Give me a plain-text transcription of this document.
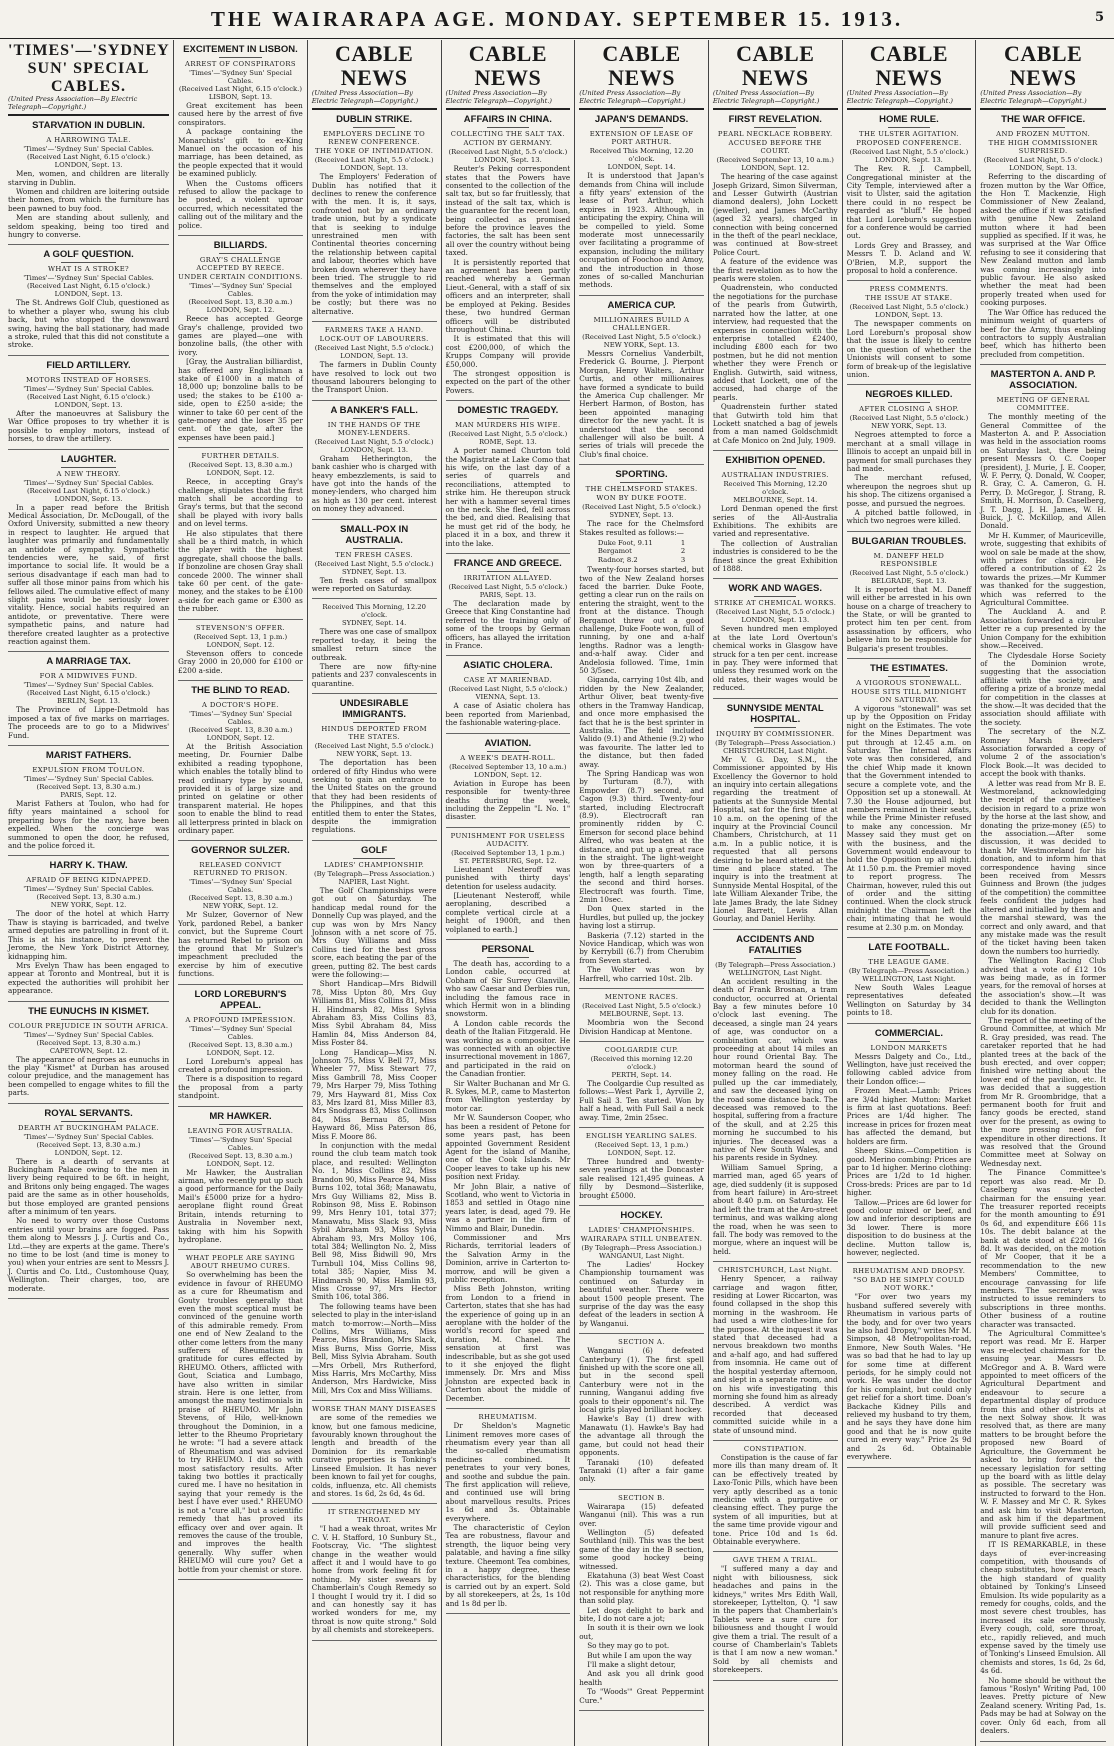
THE WAIRARAPA AGE. MONDAY. SEPTEMBER 15. 1913.	5
'TIMES'—'SYDNEY SUN' SPECIAL CABLES.
(United Press Association—By Electric Telegraph—Copyright.)
STARVATION IN DUBLIN.
A HARROWING TALE.
'Times'—'Sydney Sun' Special Cables.
(Received Last Night, 6.15 o'clock.)
LONDON, Sept. 13.

Men, women, and children are literally starving in Dublin.

Women and children are loitering outside their homes, from which the furniture has been pawned to buy food.

Men are standing about sullenly, and seldom speaking, being too tired and hungry to converse.

A GOLF QUESTION.
WHAT IS A STROKE?
'Times'—'Sydney Sun' Special Cables.
(Received Last Night, 6.15 o'clock.)
LONDON, Sept. 13.

The St. Andrews Golf Club, questioned as to whether a player who, swung his club back, but who stopped the downward swing, having the ball stationary, had made a stroke, ruled that this did not constitute a stroke.

FIELD ARTILLERY.
MOTORS INSTEAD OF HORSES.
'Times'—'Sydney Sun' Special Cables.
(Received Last Night, 6.15 o'clock.)
LONDON, Sept. 13.

After the manoeuvres at Salisbury the War Office proposes to try whether it is possible to employ motors, instead of horses, to draw the artillery.

LAUGHTER.
A NEW THEORY.
'Times'—'Sydney Sun' Special Cables.
(Received Last Night, 6.15 o'clock.)
LONDON, Sept. 13.

In a paper read before the British Medical Association, Dr. McDougall, of the Oxford University, submitted a new theory in respect to laughter. He argued that laughter was primarily and fundamentally an antidote of sympathy. Sympathetic tendencies were, he said, of first importance to social life. It would be a serious disadvantage if each man had to suffer all those minor pains from which his fellows ailed. The cumulative effect of many slight pains would be seriously lower vitality. Hence, social habits required an antidote, or preventative. There were sympathetic pains, and nature had therefore created laughter as a protective reaction against them.

A MARRIAGE TAX.
FOR A MIDWIVES FUND.
'Times'—'Sydney Sun' Special Cables.
(Received Last Night, 6.15 o'clock.)
BERLIN, Sept. 13.

The Province of Lippe-Detmold has imposed a tax of five marks on marriages. The proceeds are to go to a Midwives' Fund.

MARIST FATHERS.
EXPULSION FROM TOULON.
'Times'—'Sydney Sun' Special Cables.
(Received Sept. 13, 8.30 a.m.)
PARIS, Sept. 12.

Marist Fathers at Toulon, who had for fifty years maintained a school for preparing boys for the navy, have been expelled. When the concierge was summoned to open the door, he refused, and the police forced it.

HARRY K. THAW.
AFRAID OF BEING KIDNAPPED.
'Times'—'Sydney Sun' Special Cables.
(Received Sept. 13, 8.30 a.m.)
NEW YORK, Sept. 12.

The door of the hotel at which Harry Thaw is staying is barricaded, and twelve armed deputies are patrolling in front of it. This is at his instance, to prevent the Jerome, the New York District Attorney, kidnapping him.

Mrs Evelyn Thaw has been engaged to appear at Toronto and Montreal, but it is expected the authorities will prohibit her appearance.

THE EUNUCHS IN KISMET.
COLOUR PREJUDICE IN SOUTH AFRICA.
'Times'—'Sydney Sun' Special Cables.
(Received Sept. 13, 8.30 a.m.)
CAPETOWN, Sept. 12.

The appearance of negroes as eunuchs in the play "Kismet" at Durban has aroused colour prejudice, and the management has been compelled to engage whites to fill the parts.

ROYAL SERVANTS.
DEARTH AT BUCKINGHAM PALACE.
'Times'—'Sydney Sun' Special Cables.
(Received Sept. 13, 8.30 a.m.)
LONDON, Sept. 12.

There is a dearth of servants at Buckingham Palace owing to the men in livery being required to be 6ft. in height, and Britons only being engaged. The wages paid are the same as in other households, but those employed are granted pensions after a minimum of ten years.

No need to worry over those Customs entries until your brains are fogged. Pass them along to Messrs J. J. Curtis and Co., Ltd.—they are experts at the game. There's no time to be lost (and time is money to you) when your entries are sent to Messrs J. J. Curtis and Co. Ltd., Customhouse Quay, Wellington. Their charges, too, are moderate.

EXCITEMENT IN LISBON.
ARREST OF CONSPIRATORS
'Times'—'Sydney Sun' Special Cables.
(Received Last Night, 6.15 o'clock.)
LISBON, Sept. 13.

Great excitement has been caused here by the arrest of five conspirators.

A package containing the Monarchists' gift to ex-King Manuel on the occasion of his marriage, has been detained, as the people expected that it would be examined publicly.

When the Customs officers refused to allow the package to be posted, a violent uproar occurred, which necessitated the calling out of the military and the police.

BILLIARDS.
GRAY'S CHALLENGE ACCEPTED BY REECE.
UNDER CERTAIN CONDITIONS.
'Times'—'Sydney Sun' Special Cables.
(Received Sept. 13, 8.30 a.m.)
LONDON, Sept. 12.

Reece has accepted George Gray's challenge, provided two games are played—one with bonzoline balls, (the other with ivory.

[Gray, the Australian billiardist, has offered any Englishman a stake of £1000 in a match of 18,000 up; bonzoline balls to be used; the stakes to be £100 a-side, open to £250 a-side; the winner to take 60 per cent of the gate-money and the loser 35 per cent. of the gate, after the expenses have been paid.]

FURTHER DETAILS.
(Received Sept. 13, 8.30 a.m.)
LONDON, Sept. 12.

Reece, in accepting Gray's challenge, stipulates that the first match shall be according to Gray's terms, but that the second shall be played with ivory balls and on level terms.

He also stipulates that there shall be a third match, in which the player with the highest aggregate, shall choose the balls. If bonzoline are chosen Gray shall concede 2000. The winner shall take 60 per cent. of the gate-money, and the stakes to be £100 a-side for each game or £300 as the rubber.

STEVENSON'S OFFER.
(Received Sept. 13, 1 p.m.)
LONDON, Sept. 12.

Stevenson offers to concede Gray 2000 in 20,000 for £100 or £200 a-side.

THE BLIND TO READ.
A DOCTOR'S HOPE.
'Times'—'Sydney Sun' Special Cables.
(Received Sept. 13, 8.30 a.m.)
LONDON, Sept. 12.

At the British Association meeting, Dr. Fournier Dalbe exhibited a reading typophone, which enables the totally blind to read ordinary type by sound, provided it is of large size and printed on gelatine or other transparent material. He hopes soon to enable the blind to read all letterpress printed in black on ordinary paper.

GOVERNOR SULZER.
RELEASED CONVICT RETURNED TO PRISON.
'Times'—'Sydney Sun' Special Cables.
(Received Sept. 13, 8.30 a.m.)
NEW YORK, Sept. 12.

Mr Sulzer, Governor of New York, pardoned Rebel, a banker convict, but the Supreme Court has returned Rebel to prison on the ground that Mr Sulzer's impeachment precluded the exercise by him of executive functions.

LORD LOREBURN'S APPEAL.
A PROFOUND IMPRESSION.
'Times'—'Sydney Sun' Special Cables.
(Received Sept. 13, 8.30 a.m.)
LONDON, Sept. 12.

Lord Loreburn's appeal has created a profound impression.

There is a disposition to regard the proposal from a party standpoint.

MR HAWKER.
LEAVING FOR AUSTRALIA.
'Times'—'Sydney Sun' Special Cables.
(Received Sept. 13, 8.30 a.m.)
LONDON, Sept. 12.

Mr Hawker, the Australian airman, who recently put up such a good performance for the Daily Mail's £5000 prize for a hydro-aeroplane flight round Great Britain, intends returning to Australia in November next, taking with him his Sopwith hydroplane.

WHAT PEOPLE ARE SAYING ABOUT RHEUMO CURES.

So overwhelming has been the evidence in favour of RHEUMO as a cure for Rheumatism and Gouty troubles generally that even the most sceptical must be convinced of the genuine worth of this admirable remedy. From one end of New Zealand to the other come letters from the many sufferers of Rheumatism in gratitude for cures effected by RHEUMO. Others, afflicted with Gout, Sciatica and Lumbago, have also written in similar strain. Here is one letter, from amongst the many testimonials in praise of RHEUMO. Mr John Stevens, of Hilo, well-known throughout the Dominion, in a letter to the Rheumo Proprietary he wrote: "I had a severe attack of Rheumatism and was advised to try RHEUMO. I did so with most satisfactory results. After taking two bottles it practically cured me. I have no hesitation in saying that your remedy is the best I have ever used." RHEUMO is not a "cure all," but a scientific remedy that has proved its efficacy over and over again. It removes the cause of the trouble, and improves the health generally. Why suffer when RHEUMO will cure you? Get a bottle from your chemist or store.

CABLE NEWS
(United Press Association—By Electric Telegraph—Copyright.)
DUBLIN STRIKE.
EMPLOYERS DECLINE TO RENEW CONFERENCE.
THE YOKE OF INTIMIDATION.
(Received Last Night, 5.5 o'clock.)
LONDON, Sept. 13.

The Employers' Federation of Dublin has notified that it declines to renew the conference with the men. It is, it says, confronted not by an ordinary trade union, but by a syndicate that is seeking to indulge unrestrained men with Continental theories concerning the relationship between capital and labour, theories which have broken down wherever they have been tried. The struggle to rid themselves and the employed from the yoke of intimidation may be costly; but there was no alternative.

FARMERS TAKE A HAND.
LOCK-OUT OF LABOURERS.
(Received Last Night, 5.5 o'clock.)
LONDON, Sept. 13.

The farmers in Dublin County have resolved to lock out two thousand labourers belonging to the Transport Union.

A BANKER'S FALL.
IN THE HANDS OF THE MONEY-LENDERS.
(Received Last Night, 5.5 o'clock.)
LONDON, Sept. 13.

Graham Hetherington, the bank cashier who is charged with heavy embezzlements, is said to have got into the hands of the money-lenders, who charged him as high as 130 per cent. interest on money they advanced.

SMALL-POX IN AUSTRALIA.
TEN FRESH CASES.
(Received Last Night, 5.5 o'clock.)
SYDNEY, Sept. 13.

Ten fresh cases of smallpox were reported on Saturday.

Received This Morning, 12.20 o'clock.
SYDNEY, Sept. 14.

There was one case of smallpox reported to-day, it being the smallest return since the outbreak.

There are now fifty-nine patients and 237 convalescents in quarantine.

UNDESIRABLE IMMIGRANTS.
HINDUS DEPORTED FROM THE STATES.
(Received Last Night, 5.5 o'clock.)
NEW YORK, Sept. 13.

The deportation has been ordered of fifty Hindus who were seeking to gain an entrance to the United States on the ground that they had been residents of the Philippines, and that this entitled them to enter the States, despite the immigration regulations.

GOLF
LADIES' CHAMPIONSHIP.
(By Telegraph—Press Association.)
NAPIER, Last Night.

The Golf Championships were got out on Saturday. The handicap medal round for the Donnelly Cup was played, and the cup was won by Mrs Nancy Johnson with a net score of 75. Mrs Guy Williams and Miss Collins tied for the best gross score, each beating the par of the green, putting 82. The best cards were the following:—

Short Handicap—Mrs Bidwill 78, Miss Upton 80, Mrs Guy Williams 81, Miss Collins 81, Miss H. Hindmarsh 82, Miss Sylvia Abraham 83, Miss Collins 83, Miss Sybil Abraham 84, Miss Hamlin 84, Miss Anderson 84, Miss Foster 84.

Long Handicap—Miss N. Johnson 75, Miss V. Bell 77, Miss Wheeler 77, Miss Stewart 77, Miss Gambrill 78, Miss Cooper 79, Mrs Harper 79, Miss Tothing 79, Mrs Hayward 81, Miss Cox 83, Mrs Izard 81, Miss Miller 83, Mrs Snodgrass 83, Miss Collinson 84, Miss Bernau 85, Miss Hayward 86, Miss Paterson 86, Miss F. Moore 86.

In conjunction with the medal round the club team match took place, and resulted: Wellington No. 1, Miss Collins 82, Miss Brandon 90, Miss Pearce 94, Miss Burns 102, total 368; Manawatu, Mrs Guy Williams 82, Miss B. Robinson 98, Miss E. Robinson 99, Mrs Henry 101, total 377; Manawatu, Miss Slack 93, Miss Sybil Abraham 93, Miss Sylvia Abraham 93, Mrs Molloy 106, total 384; Wellington No. 2, Miss Bell 98, Miss Bidwill 90, Mrs Turnbull 104, Miss Collins 98, total 385; Napier, Miss M. Hindmarsh 90, Miss Hamlin 93, Miss Crosse 97, Mrs Hector Smith 106, total 386.

The following teams have been selected to play in the inter-island match to-morrow:—North—Miss Collins, Mrs Williams, Miss Pearce, Miss Brandon, Mrs Slack, Miss Burns, Miss Gorrie, Miss Bell, Miss Sylvia Abraham. South—Mrs Orbell, Mrs Rutherford, Miss Harris, Mrs McCarthy, Miss Anderson, Mrs Hardwicke, Miss Mill, Mrs Cox and Miss Williams.

WORSE THAN MANY DISEASES

are some of the remedies we know, but one famous medicine, favourably known throughout the length and breadth of the Dominion for its remarkable curative properties is Tonking's Linseed Emulsion. It has never been known to fail yet for coughs, colds, influenza, etc. All chemists and stores. 1s 6d, 2s 6d, 4s 6d.

IT STRENGTHENED MY THROAT.

"I had a weak throat, writes Mr C. V. H. Stafford, 10 Sunbury St., Footscray, Vic. "The slightest change in the weather would affect it and I would have to go home from work feeling fit for nothing. My sister swears by Chamberlain's Cough Remedy so I thought I would try it. I did so and can honestly say it has worked wonders for me, my throat is now quite strong." Sold by all chemists and storekeepers.

CABLE NEWS
(United Press Association—By Electric Telegraph—Copyright.)
AFFAIRS IN CHINA.
COLLECTING THE SALT TAX.
ACTION BY GERMANY.
(Received Last Night, 5.5 o'clock.)
LONDON, Sept. 13.

Reuter's Peking correspondent states that the Powers have consented to the collection of the salt tax, but so far fruitlessly, that instead of the salt tax, which is the guarantee for the recent loan, being collected as promised before the province leaves the factories, the salt has been sent all over the country without being taxed.

It is persistently reported that an agreement has been partly reached whereby a German Lieut.-General, with a staff of six officers and an interpreter, shall be employed at Peking. Besides these, two hundred German officers will be distributed throughout China.

It is estimated that this will cost £200,000, of which the Krupps Company will provide £50,000.

The strongest opposition is expected on the part of the other Powers.

DOMESTIC TRAGEDY.
MAN MURDERS HIS WIFE.
(Received Last Night, 5.5 o'clock.)
ROME, Sept. 13.

A porter named Churton told the Magistrate at Lake Como that his wife, on the last day of a series of quarrels and reconciliations, attempted to strike him. He thereupon struck her with a hammer several times on the neck. She fled, fell across the bed, and died. Realising that he must get rid of the body, he placed it in a box, and threw it into the lake.

FRANCE AND GREECE.
IRRITATION ALLAYED.
(Received Last Night, 5.5 o'clock.)
PARIS, Sept. 13.

The declaration made by Greece that King Constantine had referred to the training only of some of the troops by German officers, has allayed the irritation in France.

ASIATIC CHOLERA.
CASE AT MARIENBAD.
(Received Last Night, 5.5 o'clock.)
VIENNA, Sept. 13.

A case of Asiatic cholera has been reported from Marienbad, the fashionable watering-place.

AVIATION.
A WEEK'S DEATH-ROLL.
(Received September 13, 10 a.m.)
LONDON, Sept. 12.

Aviation in Europe has been responsible for twenty-three deaths during the week, including the Zeppelin "L No. 1" disaster.

PUNISHMENT FOR USELESS AUDACITY.
(Received September 13, 1 p.m.)
ST. PETERSBURG, Sept. 12.

Lieutenant Nesteroff was punished with thirty days' detention for useless audacity.

[Lieutenant Nesteroff, while aeroplaning, described a complete vertical circle at a height of 1900ft, and then volplaned to earth.]

PERSONAL

The death has, according to a London cable, occurred at Cobham of Sir Surrey Glanville, who saw Caesar and Derbies run, including the famous race in which Hermit won in a blinding snowstorm.

A London cable records the death of the Italian Fitzgerald. He was working as a compositor. He was connected with an objective insurrectional movement in 1867, and participated in the raid on the Canadian frontier.

Sir Walter Buchanan and Mr G. R. Sykes, M.P., came to Masterton from Wellington yesterday by motor car.

Mr W. Saunderson Cooper, who has been a resident of Petone for some years past, has been appointed Government Resident Agent for the island of Manihe, one of the Cook Islands. Mr Cooper leaves to take up his new position next Friday.

Mr John Blair, a native of Scotland, who went to Victoria in 1853 and settled in Otago nine years later, is dead, aged 79. He was a partner in the firm of Nimmo and Blair, Dunedin.

Commissioner and Mrs Richards, territorial leaders of the Salvation Army in the Dominion, arrive in Carterton to-morrow, and will be given a public reception.

Miss Beth Johnston, writing from London to a friend in Carterton, states that she has had the experience of going up in an aeroplane with the holder of the world's record for speed and duration, M. Chanel. The sensation at first was indescribable, but as she got used to it she enjoyed the flight immensely. Dr. Mrs and Miss Johnston are expected back in Carterton about the middle of December.

RHEUMATISM.

Dr Sheldon's Magnetic Liniment removes more cases of rheumatism every year than all the so-called rheumatism medicines combined. It penetrates to your very bones, and soothe and subdue the pain. The first application will relieve, and continued use will bring about marvellous results. Prices 1s 6d and 3s. Obtainable everywhere.

The characteristic of Ceylon Tea are robustness, flavour and strength, the liquor being very palatable, and having a fine silky texture. Cheemont Tea combines, in a happy degree, these characteristics, for the blending is carried out by an expert. Sold by all storekeepers, at 2s, 1s 10d and 1s 8d per lb.

CABLE NEWS
(United Press Association—By Electric Telegraph—Copyright.)
JAPAN'S DEMANDS.
EXTENSION OF LEASE OF PORT ARTHUR.
Received This Morning, 12.20 o'clock.
LONDON, Sept. 14.

It is understood that Japan's demands from China will include a fifty years' extension of the lease of Port Arthur, which expires in 1923. Although, in anticipating the expiry, China will be compelled to yield. Some moderate most unnecessarily over facilitating a programme of expansion, including the military occupation of Foochoo and Amoy, and the introduction in those zones of so-called Manchurian methods.

AMERICA CUP.
MILLIONAIRES BUILD A CHALLENGER.
(Received Last Night, 5.5 o'clock.)
NEW YORK, Sept. 13.

Messrs Cornelius Vanderbilt, Frederick G. Bourne, J. Pierpont Morgan, Henry Walters, Arthur Curtis, and other millionaires have formed a syndicate to build the America Cup challenger. Mr Herbert Harmon, of Boston, has been appointed managing director for the new yacht. It is understood that the second challenger will also be built. A series of trials will precede the Club's final choice.

SPORTING.
THE CHELMSFORD STAKES.
WON BY DUKE FOOTE.
(Received Last Night, 5.5 o'clock.)
SYDNEY, Sept. 13.

The race for the Chelmsford Stakes resulted as follows:—

Duke Foot, 9.11	1
Bergamot	2
Radnor, 8.2	3

Twenty-four horses started, but two of the New Zealand horses faced the barrier. Duke Foote, getting a clear run on the rails on entering the straight, went to the front at the distance. Though Bergamot threw out a good challenge, Duke Foote won, full of running, by one and a-half lengths. Radnor was a length-and-a-half away. Cider and Andelosia followed. Time, 1min 50 3/5sec.

Giganda, carrying 10st 4lb, and ridden by the New Zealander, Arthur Oliver, beat twenty-five others in the Tramway Handicap, and once more emphasised the fact that he is the best sprinter in Australia. The field included Valido (9.1) and Athenie (9.2) who was favourite. The latter led to the distance, but then faded away.

The Spring Handicap was won by Turturam (8.7), with Empowder (8.7) second, and Cagon (9.3) third. Twenty-four started, including Electrocraft (8.9). Electrocraft ran prominently ridden by C. Emerson for second place behind Alfred, who was beaten at the distance, and put up a great race in the straight. The light-weight won by three-quarters of a length, half a length separating the second and third horses. Electrocraft was fourth. Time, 2min 10sec.

Don Quex started in the Hurdles, but pulled up, the jockey having lost a stirrup.

Baskeria (7.12) started in the Novice Handicap, which was won by Kerrybill (6.7) from Cherubim from Seven started.

The Wolter was won by Harfrell, who carried 10st. 2lb.

MENTONE RACES.
(Received Last Night, 5.5 o'clock.)
MELBOURNE, Sept. 13.

Moombria won the Second Division Handicap at Mentone.

COOLGARDIE CUP.
(Received this morning 12.20 o'clock.)
PERTH, Sept. 14.

The Coolgardie Cup resulted as follows:—West Park 1, Ayrville 2, Full Sail 3. Ten started. Won by half a head, with Full Sail a neck away. Time, 2min 25sec.

ENGLISH YEARLING SALES.
(Received Sept. 13, 1 p.m.)
LONDON, Sept. 12.

Three hundred and twenty-seven yearlings at the Doncaster sale realised 121,495 guineas. A filly by Desmond—Sisterlike, brought £5000.

HOCKEY.
LADIES' CHAMPIONSHIPS.
WAIRARAPA STILL UNBEATEN.
(By Telegraph—Press Association.)
WANGANUI, Last Night.

The Ladies' Hockey Championship tournament was continued on Saturday in beautiful weather. There were about 1500 people present. The surprise of the day was the easy defeat of the leaders in section A by Wanganui.

SECTION A.

Wanganui (6) defeated Canterbury (1). The first spell finished up with the score one all, but in the second spell Canterbury were not in the running, Wanganui adding five goals to their opponent's nil. The local girls played brilliant hockey.

Hawke's Bay (1) drew with Manawatu (1). Hawke's Bay had the advantage all through the game, but could not head their opponents.

Taranaki (10) defeated Taranaki (1) after a fair game only.

SECTION B.

Wairarapa (15) defeated Wanganui (nil). This was a run over.

Wellington (5) defeated Southland (nil). This was the best game of the day in the B section, some good hockey being witnessed.

Ekatahuna (3) beat West Coast (2). This was a close game, but not responsible for anything more than solid play.

Let dogs delight to bark and bite, I do not care a jot;

In south it is their own we look out,

So they may go to pot.

But while I am upon the way

I'll make a slight detour,

And ask you all drink good health

To "Woods'" Great Peppermint Cure."

CABLE NEWS
(United Press Association—By Electric Telegraph—Copyright.)
FIRST REVELATION.
PEARL NECKLACE ROBBERY.
ACCUSED BEFORE THE COURT.
(Received September 13, 10 a.m.)
LONDON, Sept. 12.

The hearing of the case against Joseph Grizard, Simon Silverman, and Lesser Gutwirth (Austrian diamond dealers), John Lockett (jeweller), and James McCarthy (aged 32 years), charged in connection with being concerned in the theft of the pearl necklace, was continued at Bow-street Police Court.

A feature of the evidence was the first revelation as to how the pearls were stolen.

Quadrenstein, who conducted the negotiations for the purchase of the pearls from Gutwirth, narrated how the latter, at one interview, had requested that the expenses in connection with the enterprise totalled £2400, including £800 each for two postmen, but he did not mention whether they were French or English. Gutwirth, said witness, added that Lockett, one of the accused, had charge of the pearls.

Quadrenstein further stated that Gutwirth told him that Lockett snatched a bag of jewels from a man named Goldschmidt at Cafe Monico on 2nd July, 1909.

EXHIBITION OPENED.
AUSTRALIAN INDUSTRIES.
Received This Morning, 12.20 o'clock.
MELBOURNE, Sept. 14.

Lord Denman opened the first series of the All-Australia Exhibitions. The exhibits are varied and representative.

The collection of Australian industries is considered to be the finest since the great Exhibition of 1888.

WORK AND WAGES.
STRIKE AT CHEMICAL WORKS.
(Received Last Night, 5.5 o'clock.)
LONDON, Sept. 13.

Seven hundred men employed at the late Lord Overtoun's chemical works in Glasgow have struck for a ten per cent. increase in pay. They were informed that unless they resumed work on the old rates, their wages would be reduced.

SUNNYSIDE MENTAL HOSPITAL.
INQUIRY BY COMMISSIONER.
(By Telegraph—Press Association.)
CHRISTCHURCH, Last Night.

Mr V. G. Day, S.M., the Commissioner appointed by His Excellency the Governor to hold an inquiry into certain allegations regarding the treatment of patients at the Sunnyside Mental Hospital, sat for the first time at 10 a.m. on the opening of the inquiry at the Provincial Council Chambers, Christchurch, at 11 a.m. In a public notice, it is requested that all persons desiring to be heard attend at the time and place stated. The inquiry is into the treatment at Sunnyside Mental Hospital, of the late William Alexander Tribe, the late James Brady, the late Sidney Lionel Barrett, Lewis Allan Gourlay, and Daniel Herlihy.

ACCIDENTS AND FATALITIES
(By Telegraph—Press Association.)
WELLINGTON, Last Night.

An accident resulting in the death of Frank Brosnan, a tram conductor, occurred at Oriental Bay a few minutes before 10 o'clock last evening. The deceased, a single man 24 years of age, was conductor on a combination car, which was proceeding at about 14 miles an hour round Oriental Bay. The motorman heard the sound of money falling on the road. He pulled up the car immediately, and saw the deceased lying on the road some distance back. The deceased was removed to the hospital, suffering from a fracture of the skull, and at 2.25 this morning he succumbed to his injuries. The deceased was a native of New South Wales, and his parents reside in Sydney.

William Samuel Spring, a married man, aged 65 years of age, died suddenly (it is supposed from heart failure) in Aro-street about 8.40 p.m. on Saturday. He had left the tram at the Aro-street terminus, and was walking along the road, when he was seen to fall. The body was removed to the morgue, where an inquest will be held.

CHRISTCHURCH, Last Night.

Henry Spencer, a railway carriage and wagon fitter, residing at Lower Riccarton, was found collapsed in the shop this morning in the washroom. He had used a wire clothes-line for the purpose. At the inquest it was stated that deceased had a nervous breakdown two months and a-half ago, and had suffered from insomnia. He came out of the hospital yesterday afternoon, and slept in a separate room, and on his wife investigating this morning she found him as already described. A verdict was recorded that deceased committed suicide while in a state of unsound mind.

CONSTIPATION.

Constipation is the cause of far more ills than many dream of. It can be effectively treated by Laxo-Tonic Pills, which have been very aptly described as a tonic medicine with a purgative or cleansing effect. They purge the system of all impurities, but at the same time provide vigour and tone. Price 10d and 1s 6d. Obtainable everywhere.

GAVE THEM A TRIAL.

"I suffered many a day and night with biliousness, sick headaches and pains in the kidneys," writes Mrs Edith Wall, storekeeper, Lyttelton, Q. "I saw in the papers that Chamberlain's Tablets were a sure cure for biliousness and thought I would give them a trial. The result of a course of Chamberlain's Tablets is that I am now a new woman." Sold by all chemists and storekeepers.

CABLE NEWS
(United Press Association—By Electric Telegraph—Copyright.)
HOME RULE.
THE ULSTER AGITATION.
PROPOSED CONFERENCE.
(Received Last Night, 5.5 o'clock.)
LONDON, Sept. 13.

The Rev. R. J. Campbell, Congregational minister at the City Temple, interviewed after a visit to Ulster, said the agitation there could in no respect be regarded as "bluff." He hoped that Lord Loreburn's suggestion for a conference would be carried out.

Lords Grey and Brassey, and Messrs T. D. Acland and W. O'Brien, M.P., support the proposal to hold a conference.

PRESS COMMENTS.
THE ISSUE AT STAKE.
(Received Last Night, 5.5 o'clock.)
LONDON, Sept. 13.

The newspaper comments on Lord Loreburn's proposal show that the issue is likely to centre on the question of whether the Unionists will consent to some form of break-up of the legislative union.

NEGROES KILLED.
AFTER CLOSING A SHOP.
(Received Last Night, 5.5 o'clock.)
NEW YORK, Sept. 13.

Negroes attempted to force a merchant at a small village in Illinois to accept an unpaid bill in payment for small purchases they had made.

The merchant refused, whereupon the negroes shut up his shop. The citizens organised a posse, and pursued the negroes.

A pitched battle followed, in which two negroes were killed.

BULGARIAN TROUBLES.
M. DANEFF HELD RESPONSIBLE
(Received Last Night, 5.5 o'clock.)
BELGRADE, Sept. 13.

It is reported that M. Daneff will either be arrested in his own house on a charge of treachery to the State, or will be granted to protect him ten per cent. from assassination by officers, who believe him to be responsible for Bulgaria's present troubles.

THE ESTIMATES.
A VIGOROUS STONEWALL.
HOUSE SITS TILL MIDNIGHT ON SATURDAY.

A vigorous "stonewall" was set up by the Opposition on Friday night on the Estimates. The vote for the Mines Department was put through at 12.45 a.m. on Saturday. The Internal Affairs vote was then considered, and the chief Whip made it known that the Government intended to secure a complete vote, and the Opposition set up a stonewall. At 7.30 the House adjourned, but members remained in their seats, while the Prime Minister refused to make any concession. Mr Massey said they must get on with the business, and the Government would endeavour to hold the Opposition up all night. At 11.50 p.m. the Premier moved to report progress. The Chairman, however, ruled this out of order and the sitting continued. When the clock struck midnight the Chairman left the chair, intimating that he would resume at 2.30 p.m. on Monday.

LATE FOOTBALL.
THE LEAGUE GAME.
(By Telegraph—Press Association.)
WELLINGTON, Last Night.

New South Wales League representatives defeated Wellington on Saturday by 34 points to 18.

COMMERCIAL.
LONDON MARKETS

Messrs Dalgety and Co., Ltd., Wellington, have just received the following cabled advice from their London office:—

Frozen Meat.—Lamb: Prices are 3/4d higher. Mutton: Market is firm at last quotations. Beef: Prices are 1/4d higher. The increase in prices for frozen meat has affected the demand, but holders are firm.

Sheep Skins.—Competition is good. Merino combing: Prices are par to 1d higher. Merino clothing: Prices are 1/2d to 1d higher. Cross-breds: Prices are par to 1d higher.

Tallow.—Prices are 6d lower for good colour mixed or beef, and low and inferior descriptions are 3d lower. There is more disposition to do business at the decline. Mutton tallow is, however, neglected.

RHEUMATISM AND DROPSY.
"SO BAD HE SIMPLY COULD NOT WORK."

"For over two years my husband suffered severely with Rheumatism in various parts of the body, and for over two years he also had Dropsy," writes Mr M. Simpson, 48 Metropolitan-road, Enmore, New South Wales. "He was so bad that he had to lay up for some time at different periods, for he simply could not work. He was under the doctor for his complaint, but could only get relief for a short time. Doan's Backache Kidney Pills and relieved my husband to try them, and he says they have done him good and that he is now quite cured in every way." Price 2s 9d and 2s 6d. Obtainable everywhere.

CABLE NEWS
(United Press Association—By Electric Telegraph—Copyright.)
THE WAR OFFICE.
AND FROZEN MUTTON.
THE HIGH COMMISSIONER SURPRISED.
(Received Last Night, 5.5 o'clock.)
LONDON, Sept. 13.

Referring to the discarding of frozen mutton by the War Office, the Hon T. Mackenzie, High Commissioner of New Zealand, asked the office if it was satisfied with genuine New Zealand mutton where it had been supplied as specified. If it was, he was surprised at the War Office refusing to see it considering that New Zealand mutton and lamb was coming increasingly into public favour. He also asked whether the meat had been properly treated when used for cooking purposes.

The War Office has reduced the minimum weight of quarters of beef for the Army, thus enabling contractors to supply Australian beef, which has hitherto been precluded from competition.

MASTERTON A. AND P. ASSOCIATION.
MEETING OF GENERAL COMMITTEE.

The monthly meeting of the General Committee of the Masterton A. and P. Association was held in the association rooms on Saturday last, there being present Messrs O. C. Cooper (president), J. Murie, J. E. Cooper, W. F. Perry, Q. Donald, W. Cooper, R. Gray, C. A. Cameron, G. H. Perry, D. McGregor, J. Strang, R. Smith, H. Morrison, D. Caselberg, J. T. Dagg, J. H. James, W. H. Buick, J. C. McKillop, and Allen Donald.

Mr H. Kummer, of Mauriceville, wrote, suggesting that exhibits of wool on sale be made at the show, with prizes for classing. He offered a contribution of £2 2s towards the prizes.—Mr Kummer was thanked for the suggestion, which was referred to the Agricultural Committee.

The Auckland A. and P. Association forwarded a circular letter re a cup presented by the Union Company for the exhibition show.—Received.

The Clydesdale Horse Society of the Dominion wrote, suggesting that the association affiliate with the society, and offering a prize of a bronze medal for competition in the classes at the show.—It was decided that the association should affiliate with the society.

The secretary of the N.Z. Romney Marsh Breeders' Association forwarded a copy of volume 2 of the association's Flock Book.—It was decided to accept the book with thanks.

A letter was read from Mr B. E. Westmoreland, acknowledging the receipt of the committee's decision in regard to a prize won by the horse at the last show, and donating the prize-money (£5) to the association.—After some discussion, it was decided to thank Mr Westmoreland for his donation, and to inform him that correspondence having since been received from Messrs Guinness and Brown (the judges of the competition) the committee feels confident the judges had altered and initialled by them and the marshal steward, was the correct and only award, and that any mistake made was the result of the ticket having been taken down the numbers too hurriedly.

The Wellington Racing Club advised that a vote of £12 10s was being made, as in former years, for the removal of horses at the association's show.—It was decided to thank the Wellington club for its donation.

The report of the meeting of the Ground Committee, at which Mr R. Gray presided, was read. The caretaker reported that he had planted trees at the back of the bush erected, and over copper; finished wire netting about the lower end of the pavilion, etc. It was decided that a suggestion from Mr R. Groombridge, that a permanent booth for fruit and fancy goods be erected, stand over for the present, as owing to the more pressing need for expenditure in other directions. It was resolved that the Ground Committee meet at Solway on Wednesday next.

The Finance Committee's report was also read. Mr D. Caselberg was re-elected chairman for the ensuing year. The treasurer reported receipts for the month amounting to £91 0s 6d, and expenditure £66 11s 10s. The debit balance at the bank at date stood at £220 16s 8d. It was decided, on the motion of Mr Cooper, that it be a recommendation to the new Members' Committee, to encourage canvassing for life members. The secretary was instructed to issue reminders to subscriptions in three months. Other business of a routine character was transacted.

The Agricultural Committee's report was read. Mr E. Harper was re-elected chairman for the ensuing year. Messrs D. McGregor and A. B. Ward were appointed to meet officers of the Agricultural Department and endeavour to secure a departmental display of produce from this and other districts at the next Solway show. It was resolved that, as there are many matters to be brought before the proposed new Board of Agriculture, the Government be asked to bring forward the necessary legislation for setting up the board with as little delay as possible. The secretary was instructed to forward to the Hon. W. F. Massey and Mr C. R. Sykes and ask him to visit Masterton, and ask him if the department will provide sufficient seed and manure to plant five acres.

IT IS REMARKABLE, in these days of ever-increasing competition, with thousands of cheap substitutes, how few reach the high standard of quality obtained by Tonking's Linseed Emulsion. Its wide popularity as a remedy for coughs, colds, and the most severe chest troubles, has increased its sale enormously. Every cough, cold, sore throat, etc., rapidly relieved, and much expense saved by the timely use of Tonking's Linseed Emulsion. All chemists and stores, 1s 6d, 2s 6d, 4s 6d.

No home should be without the famous "Roslyn" Writing Pad, 100 leaves. Pretty picture of New Zealand scenery. Writing Pad, 1s. Pads may be had at Solway on the cover. Only 6d each, from all dealers.
